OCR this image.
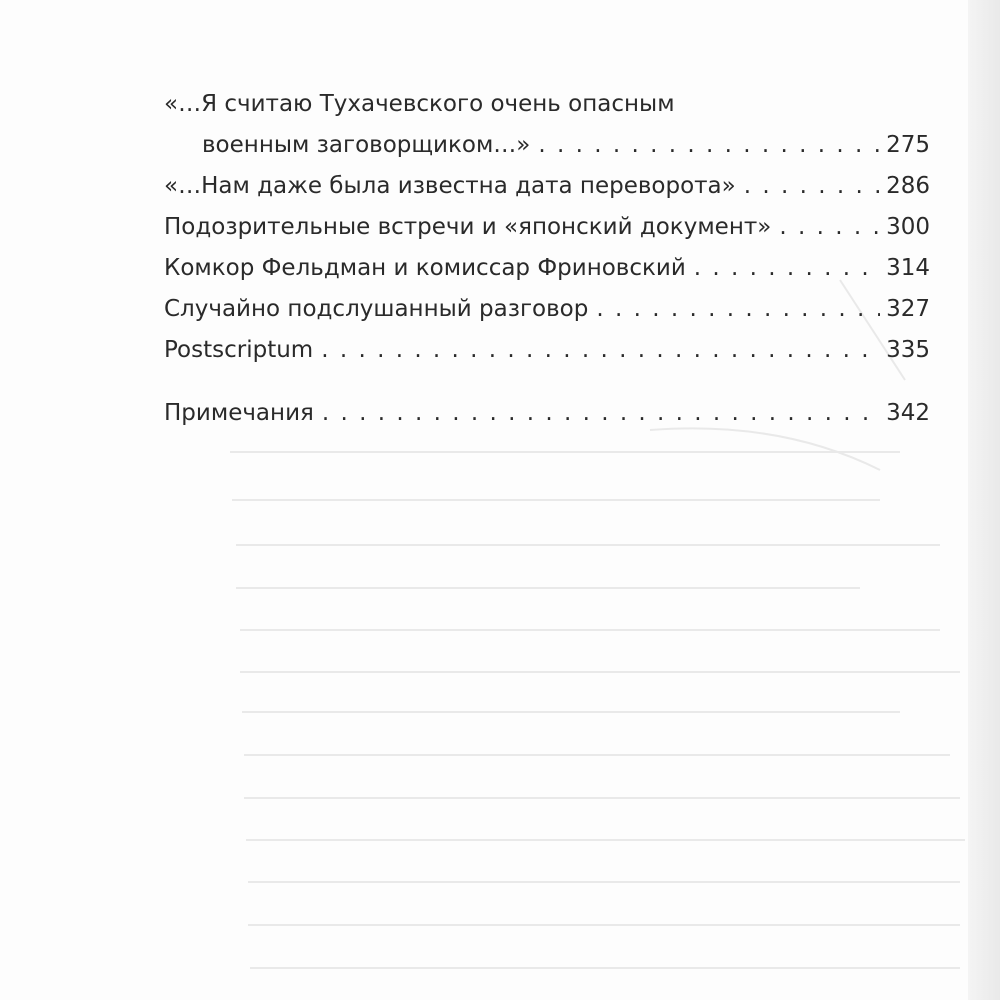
«…Я считаю Тухачевского очень опасным
военным заговорщиком…» . . .	275
«…Нам даже была известна дата переворота» . . .	286
Подозрительные встречи и «японский документ» . . .	300
Комкор Фельдман и комиссар Фриновский . . .	314
Случайно подслушанный разговор . . .	327
Postscriptum . . .	335
Примечания . . .	342
